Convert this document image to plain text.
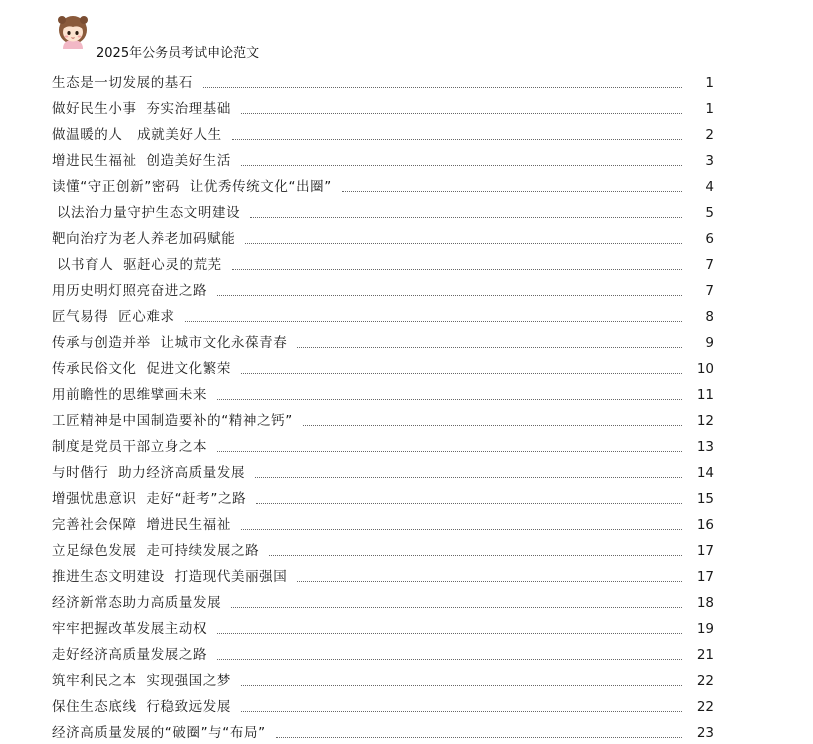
2025年公务员考试申论范文
生态是一切发展的基石	1
做好民生小事  夯实治理基础	1
做温暖的人   成就美好人生	2
增进民生福祉  创造美好生活	3
读懂“守正创新”密码  让优秀传统文化“出圈”	4
以法治力量守护生态文明建设	5
靶向治疗为老人养老加码赋能	6
以书育人  驱赶心灵的荒芜	7
用历史明灯照亮奋进之路	7
匠气易得  匠心难求	8
传承与创造并举  让城市文化永葆青春	9
传承民俗文化  促进文化繁荣	10
用前瞻性的思维擘画未来	11
工匠精神是中国制造要补的“精神之钙”	12
制度是党员干部立身之本	13
与时偕行  助力经济高质量发展	14
增强忧患意识  走好“赶考”之路	15
完善社会保障  增进民生福祉	16
立足绿色发展  走可持续发展之路	17
推进生态文明建设  打造现代美丽强国	17
经济新常态助力高质量发展	18
牢牢把握改革发展主动权	19
走好经济高质量发展之路	21
筑牢利民之本  实现强国之梦	22
保住生态底线  行稳致远发展	22
经济高质量发展的“破圈”与“布局”	23
